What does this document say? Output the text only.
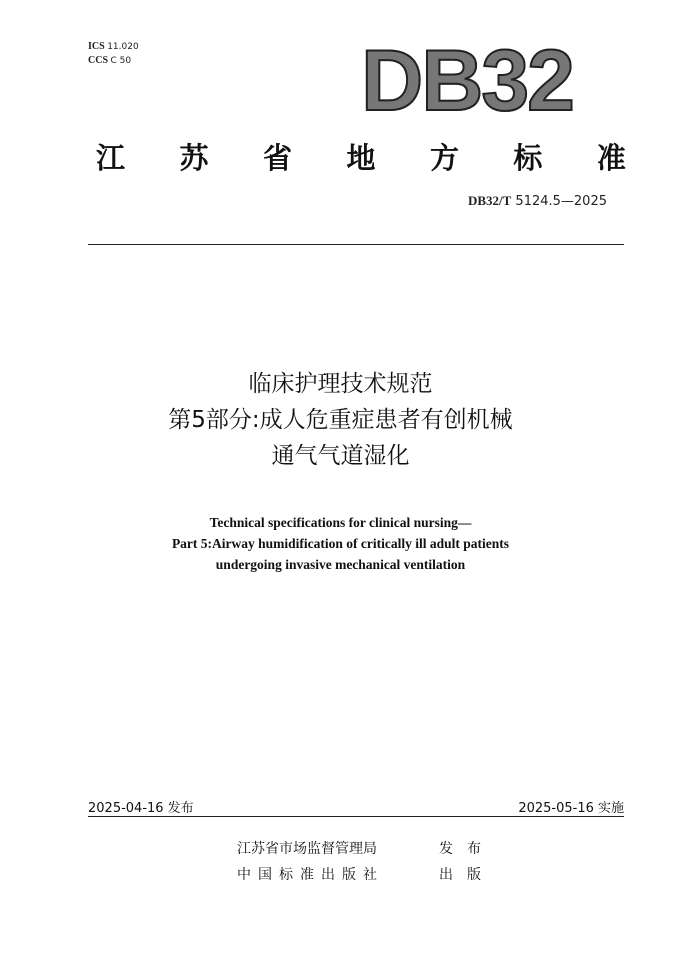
ICS 11.020
CCS C 50	DB32
江 苏 省 地 方 标 准
DB32/T 5124.5—2025
临床护理技术规范
第5部分:成人危重症患者有创机械
通气气道湿化
Technical specifications for clinical nursing—
Part 5:Airway humidification of critically ill adult patients
undergoing invasive mechanical ventilation
2025-04-16 发布	2025-05-16 实施
江苏省市场监督管理局	发布
中国标准出版社	出版
